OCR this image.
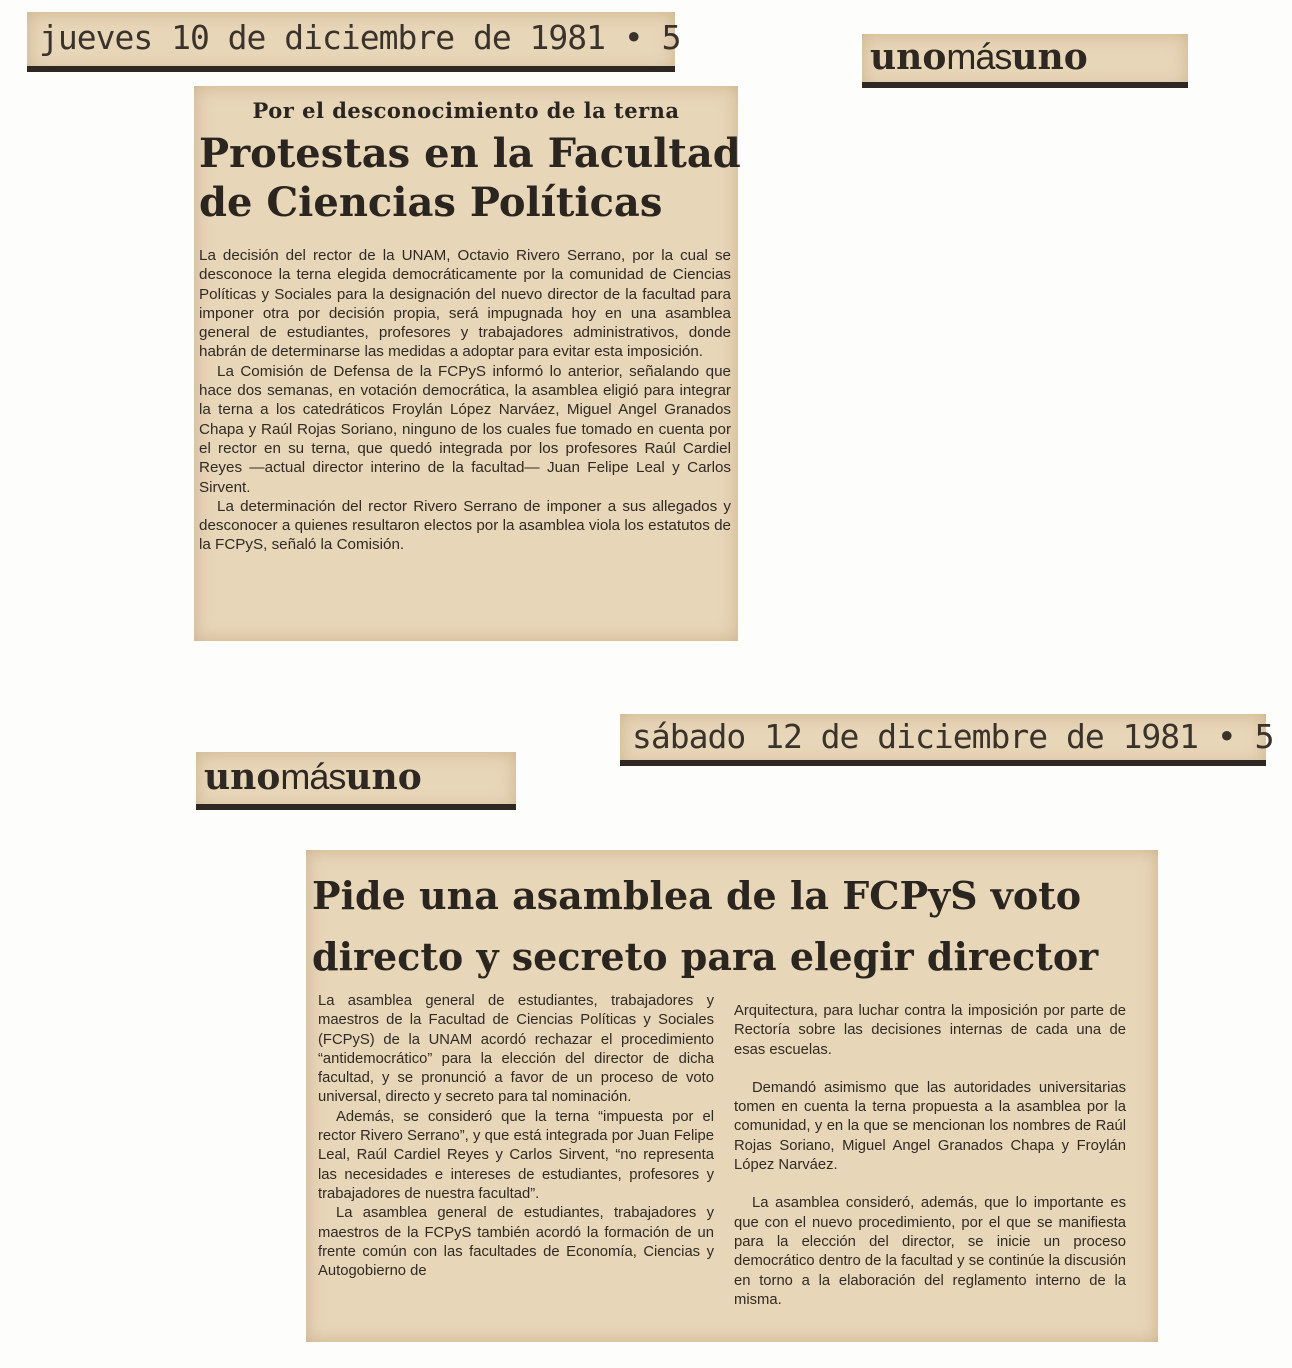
jueves 10 de diciembre de 1981 • 5	unomásuno
Por el desconocimiento de la terna
Protestas en la Facultad
de Ciencias Políticas

La decisión del rector de la UNAM, Octavio Rivero Serrano, por la cual se desconoce la terna elegida democráticamente por la comunidad de Ciencias Políticas y Sociales para la designación del nuevo director de la facultad para imponer otra por decisión propia, será impugnada hoy en una asamblea general de estudiantes, profesores y trabajadores administrativos, donde habrán de determinarse las medidas a adoptar para evitar esta imposición.

La Comisión de Defensa de la FCPyS informó lo anterior, señalando que hace dos semanas, en votación democrática, la asamblea eligió para integrar la terna a los catedráticos Froylán López Narváez, Miguel Angel Granados Chapa y Raúl Rojas Soriano, ninguno de los cuales fue tomado en cuenta por el rector en su terna, que quedó integrada por los profesores Raúl Cardiel Reyes —actual director interino de la facultad— Juan Felipe Leal y Carlos Sirvent.

La determinación del rector Rivero Serrano de imponer a sus allegados y desconocer a quienes resultaron electos por la asamblea viola los estatutos de la FCPyS, señaló la Comisión.

sábado 12 de diciembre de 1981 • 5
unomásuno
Pide una asamblea de la FCPyS voto
directo y secreto para elegir director

La asamblea general de estudiantes, trabajadores y maestros de la Facultad de Ciencias Políticas y Sociales (FCPyS) de la UNAM acordó rechazar el procedimiento “antidemocrático” para la elección del director de dicha facultad, y se pronunció a favor de un proceso de voto universal, directo y secreto para tal nominación.

Además, se consideró que la terna “impuesta por el rector Rivero Serrano”, y que está integrada por Juan Felipe Leal, Raúl Cardiel Reyes y Carlos Sirvent, “no representa las necesidades e intereses de estudiantes, profesores y trabajadores de nuestra facultad”.

La asamblea general de estudiantes, trabajadores y maestros de la FCPyS también acordó la formación de un frente común con las facultades de Economía, Ciencias y Autogobierno de

Arquitectura, para luchar contra la imposición por parte de Rectoría sobre las decisiones internas de cada una de esas escuelas.

Demandó asimismo que las autoridades universitarias tomen en cuenta la terna propuesta a la asamblea por la comunidad, y en la que se mencionan los nombres de Raúl Rojas Soriano, Miguel Angel Granados Chapa y Froylán López Narváez.

La asamblea consideró, además, que lo importante es que con el nuevo procedimiento, por el que se manifiesta para la elección del director, se inicie un proceso democrático dentro de la facultad y se continúe la discusión en torno a la elaboración del reglamento interno de la misma.
